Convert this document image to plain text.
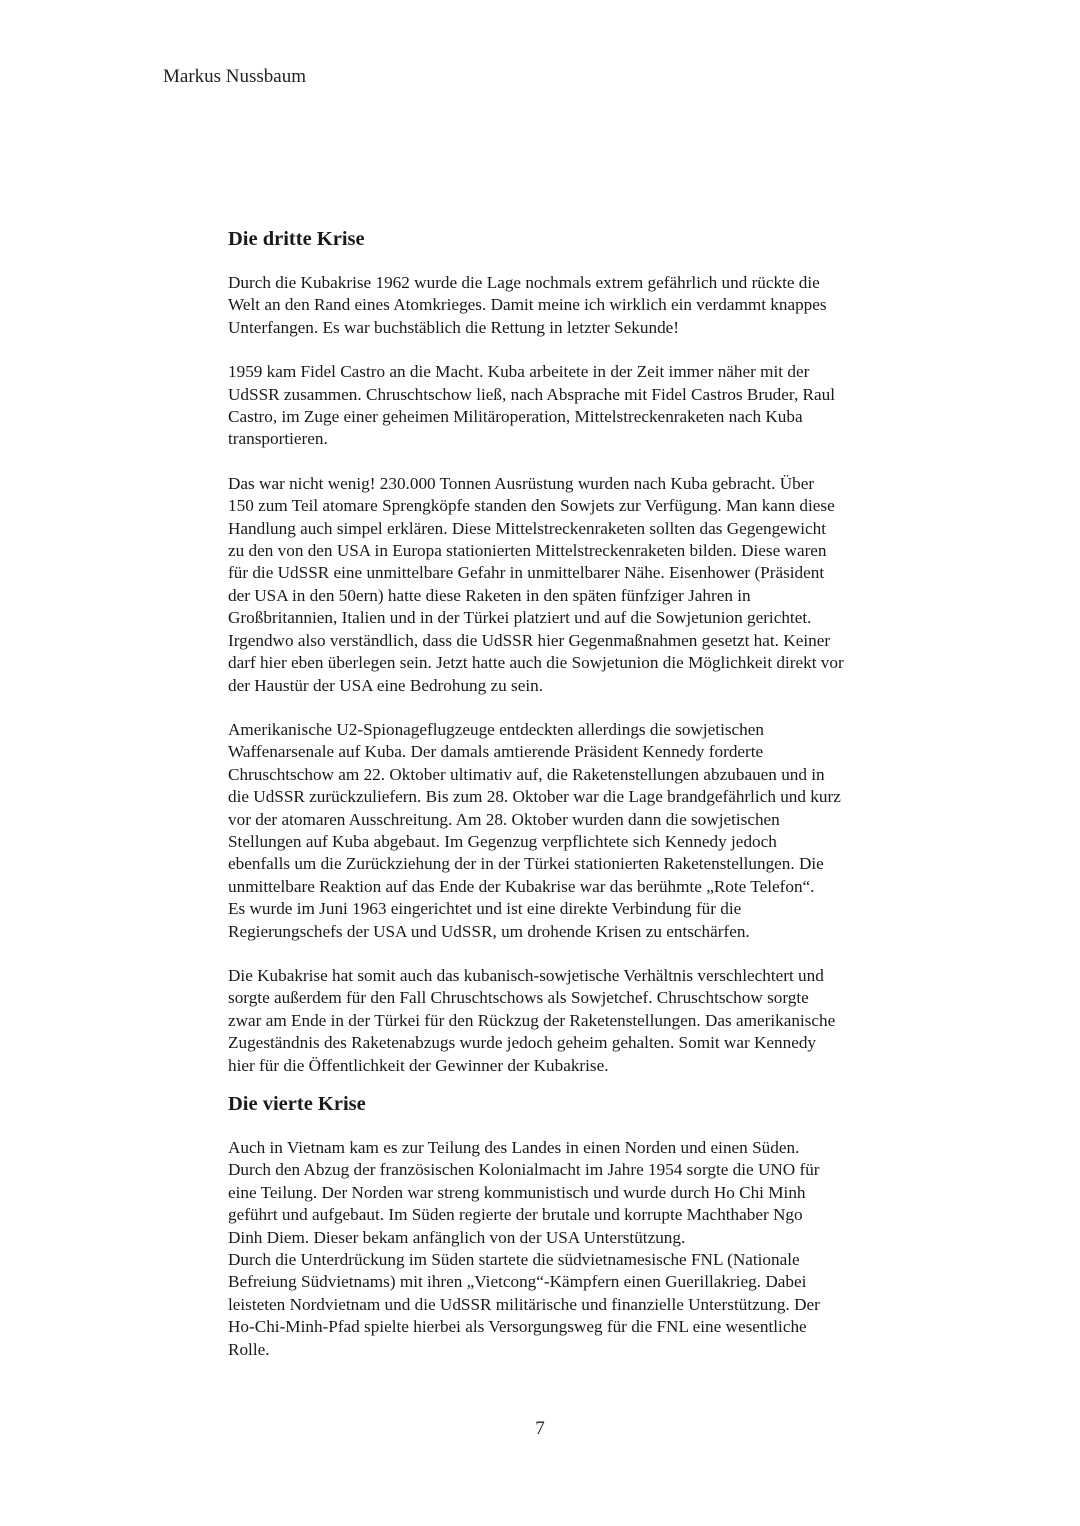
Markus Nussbaum
Die dritte Krise

Durch die Kubakrise 1962 wurde die Lage nochmals extrem gefährlich und rückte die
Welt an den Rand eines Atomkrieges. Damit meine ich wirklich ein verdammt knappes
Unterfangen. Es war buchstäblich die Rettung in letzter Sekunde!

1959 kam Fidel Castro an die Macht. Kuba arbeitete in der Zeit immer näher mit der
UdSSR zusammen. Chruschtschow ließ, nach Absprache mit Fidel Castros Bruder, Raul
Castro, im Zuge einer geheimen Militäroperation, Mittelstreckenraketen nach Kuba
transportieren.

Das war nicht wenig! 230.000 Tonnen Ausrüstung wurden nach Kuba gebracht. Über
150 zum Teil atomare Sprengköpfe standen den Sowjets zur Verfügung. Man kann diese
Handlung auch simpel erklären. Diese Mittelstreckenraketen sollten das Gegengewicht
zu den von den USA in Europa stationierten Mittelstreckenraketen bilden. Diese waren
für die UdSSR eine unmittelbare Gefahr in unmittelbarer Nähe. Eisenhower (Präsident
der USA in den 50ern) hatte diese Raketen in den späten fünfziger Jahren in
Großbritannien, Italien und in der Türkei platziert und auf die Sowjetunion gerichtet.
Irgendwo also verständlich, dass die UdSSR hier Gegenmaßnahmen gesetzt hat. Keiner
darf hier eben überlegen sein. Jetzt hatte auch die Sowjetunion die Möglichkeit direkt vor
der Haustür der USA eine Bedrohung zu sein.

Amerikanische U2-Spionageflugzeuge entdeckten allerdings die sowjetischen
Waffenarsenale auf Kuba. Der damals amtierende Präsident Kennedy forderte
Chruschtschow am 22. Oktober ultimativ auf, die Raketenstellungen abzubauen und in
die UdSSR zurückzuliefern. Bis zum 28. Oktober war die Lage brandgefährlich und kurz
vor der atomaren Ausschreitung. Am 28. Oktober wurden dann die sowjetischen
Stellungen auf Kuba abgebaut. Im Gegenzug verpflichtete sich Kennedy jedoch
ebenfalls um die Zurückziehung der in der Türkei stationierten Raketenstellungen. Die
unmittelbare Reaktion auf das Ende der Kubakrise war das berühmte „Rote Telefon“.
Es wurde im Juni 1963 eingerichtet und ist eine direkte Verbindung für die
Regierungschefs der USA und UdSSR, um drohende Krisen zu entschärfen.

Die Kubakrise hat somit auch das kubanisch-sowjetische Verhältnis verschlechtert und
sorgte außerdem für den Fall Chruschtschows als Sowjetchef. Chruschtschow sorgte
zwar am Ende in der Türkei für den Rückzug der Raketenstellungen. Das amerikanische
Zugeständnis des Raketenabzugs wurde jedoch geheim gehalten. Somit war Kennedy
hier für die Öffentlichkeit der Gewinner der Kubakrise.

Die vierte Krise

Auch in Vietnam kam es zur Teilung des Landes in einen Norden und einen Süden.
Durch den Abzug der französischen Kolonialmacht im Jahre 1954 sorgte die UNO für
eine Teilung. Der Norden war streng kommunistisch und wurde durch Ho Chi Minh
geführt und aufgebaut. Im Süden regierte der brutale und korrupte Machthaber Ngo
Dinh Diem. Dieser bekam anfänglich von der USA Unterstützung.
Durch die Unterdrückung im Süden startete die südvietnamesische FNL (Nationale
Befreiung Südvietnams) mit ihren „Vietcong“-Kämpfern einen Guerillakrieg. Dabei
leisteten Nordvietnam und die UdSSR militärische und finanzielle Unterstützung. Der
Ho-Chi-Minh-Pfad spielte hierbei als Versorgungsweg für die FNL eine wesentliche
Rolle.

7
